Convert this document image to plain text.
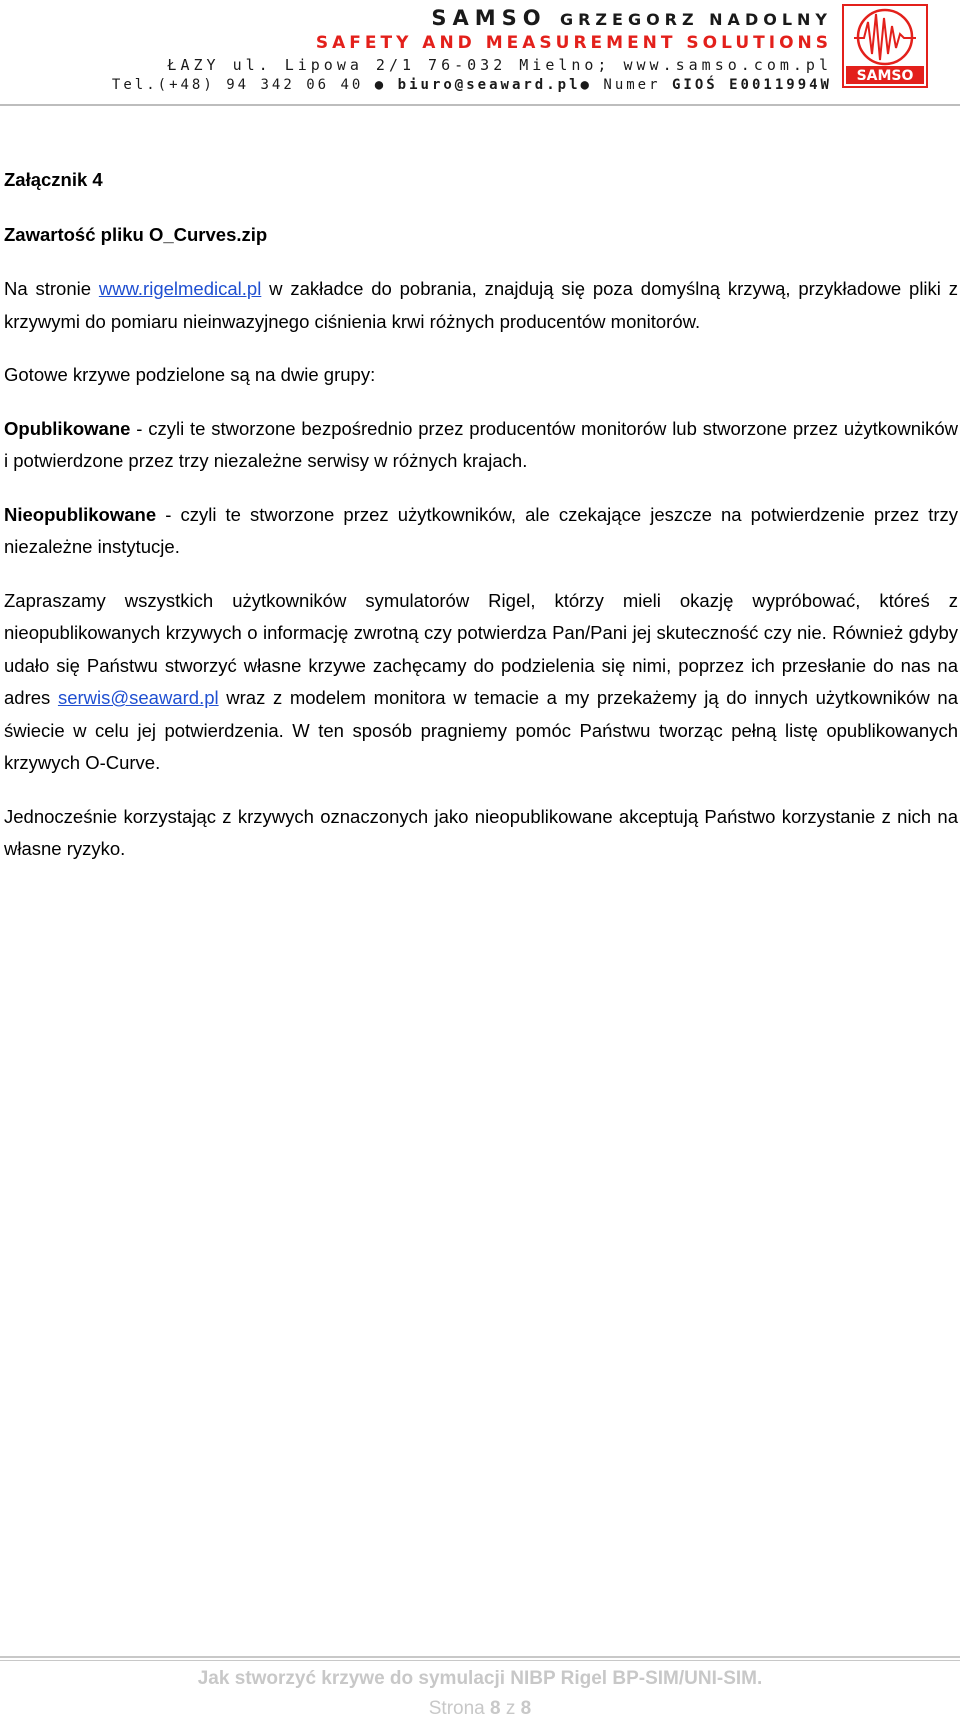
SAMSO GRZEGORZ NADOLNY
SAFETY AND MEASUREMENT SOLUTIONS
ŁAZY ul. Lipowa 2/1 76-032 Mielno; www.samso.com.pl
Tel.(+48) 94 342 06 40 ● biuro@seaward.pl● Numer GIOŚ E0011994W
SAMSO

Załącznik 4

Zawartość pliku O_Curves.zip

Na stronie www.rigelmedical.pl w zakładce do pobrania, znajdują się poza domyślną krzywą, przykładowe pliki z krzywymi do pomiaru nieinwazyjnego ciśnienia krwi różnych producentów monitorów.

Gotowe krzywe podzielone są na dwie grupy:

Opublikowane - czyli te stworzone bezpośrednio przez producentów monitorów lub stworzone przez użytkowników i potwierdzone przez trzy niezależne serwisy w różnych krajach.

Nieopublikowane - czyli te stworzone przez użytkowników, ale czekające jeszcze na potwierdzenie przez trzy niezależne instytucje.

Zapraszamy wszystkich użytkowników symulatorów Rigel, którzy mieli okazję wypróbować, któreś z nieopublikowanych krzywych o informację zwrotną czy potwierdza Pan/Pani jej skuteczność czy nie. Również gdyby udało się Państwu stworzyć własne krzywe zachęcamy do podzielenia się nimi, poprzez ich przesłanie do nas na adres serwis@seaward.pl wraz z modelem monitora w temacie a my przekażemy ją do innych użytkowników na świecie w celu jej potwierdzenia. W ten sposób pragniemy pomóc Państwu tworząc pełną listę opublikowanych krzywych O-Curve.

Jednocześnie korzystając z krzywych oznaczonych jako nieopublikowane akceptują Państwo korzystanie z nich na własne ryzyko.

Jak stworzyć krzywe do symulacji NIBP Rigel BP-SIM/UNI-SIM.
Strona 8 z 8
